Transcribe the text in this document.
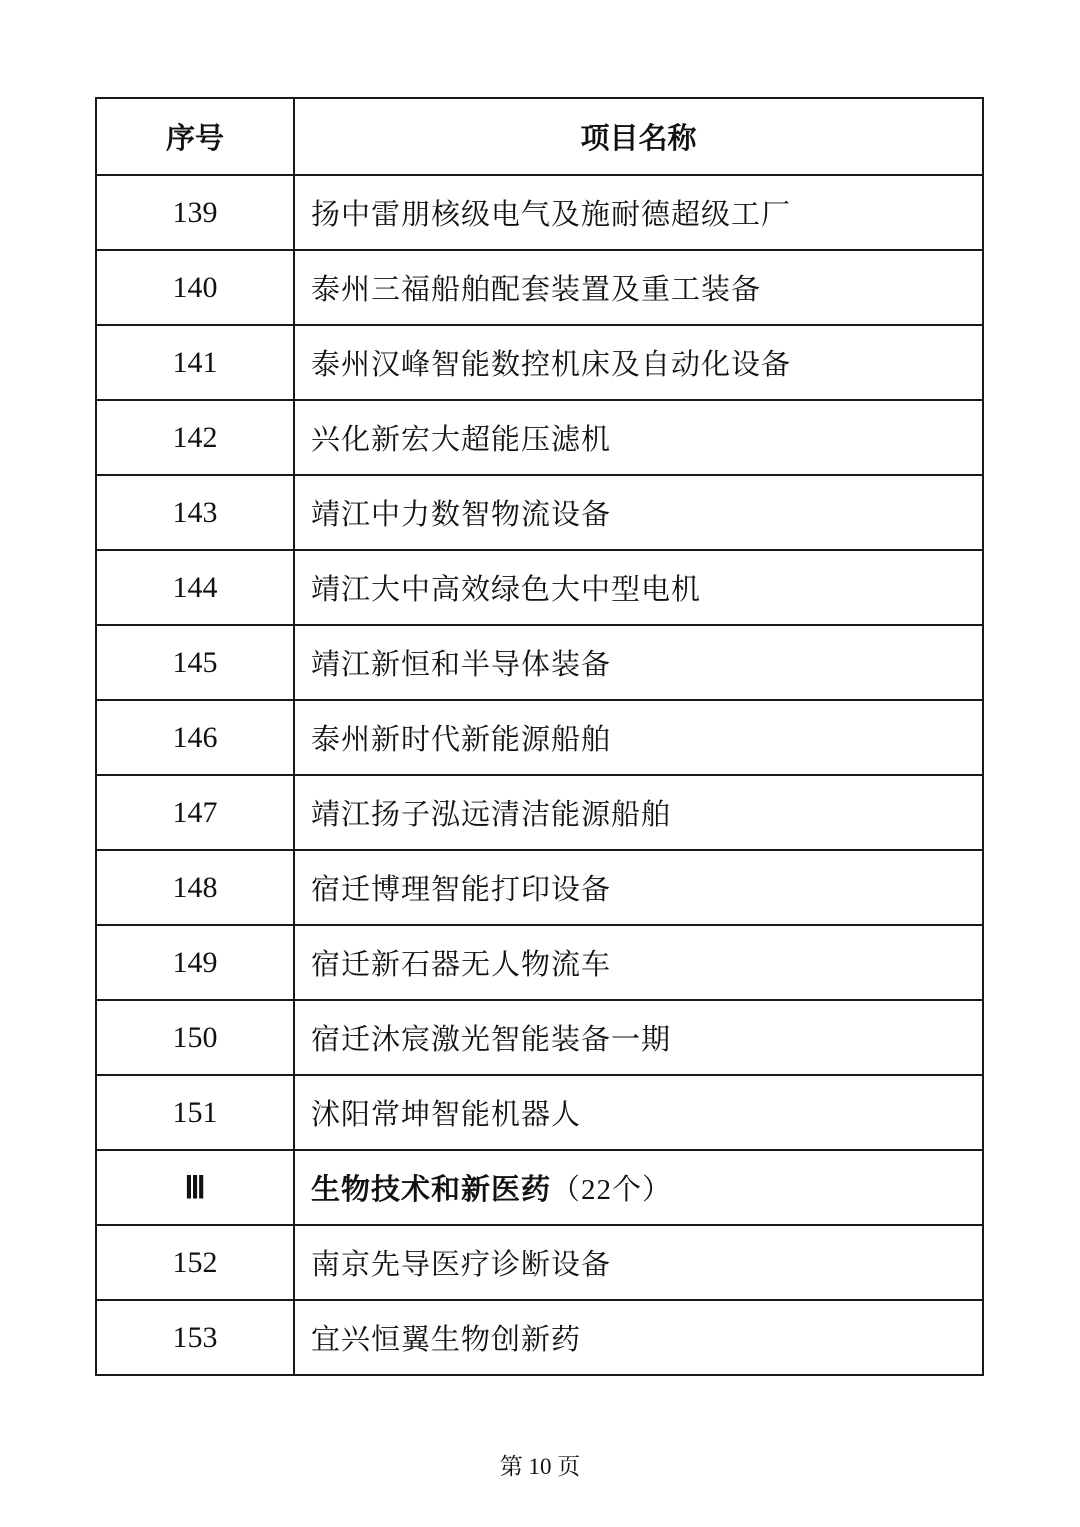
序号	项目名称
139	扬中雷朋核级电气及施耐德超级工厂
140	泰州三福船舶配套装置及重工装备
141	泰州汉峰智能数控机床及自动化设备
142	兴化新宏大超能压滤机
143	靖江中力数智物流设备
144	靖江大中高效绿色大中型电机
145	靖江新恒和半导体装备
146	泰州新时代新能源船舶
147	靖江扬子泓远清洁能源船舶
148	宿迁博理智能打印设备
149	宿迁新石器无人物流车
150	宿迁沐宸激光智能装备一期
151	沭阳常坤智能机器人
Ⅲ	生物技术和新医药（22个）
152	南京先导医疗诊断设备
153	宜兴恒翼生物创新药
第 10 页
